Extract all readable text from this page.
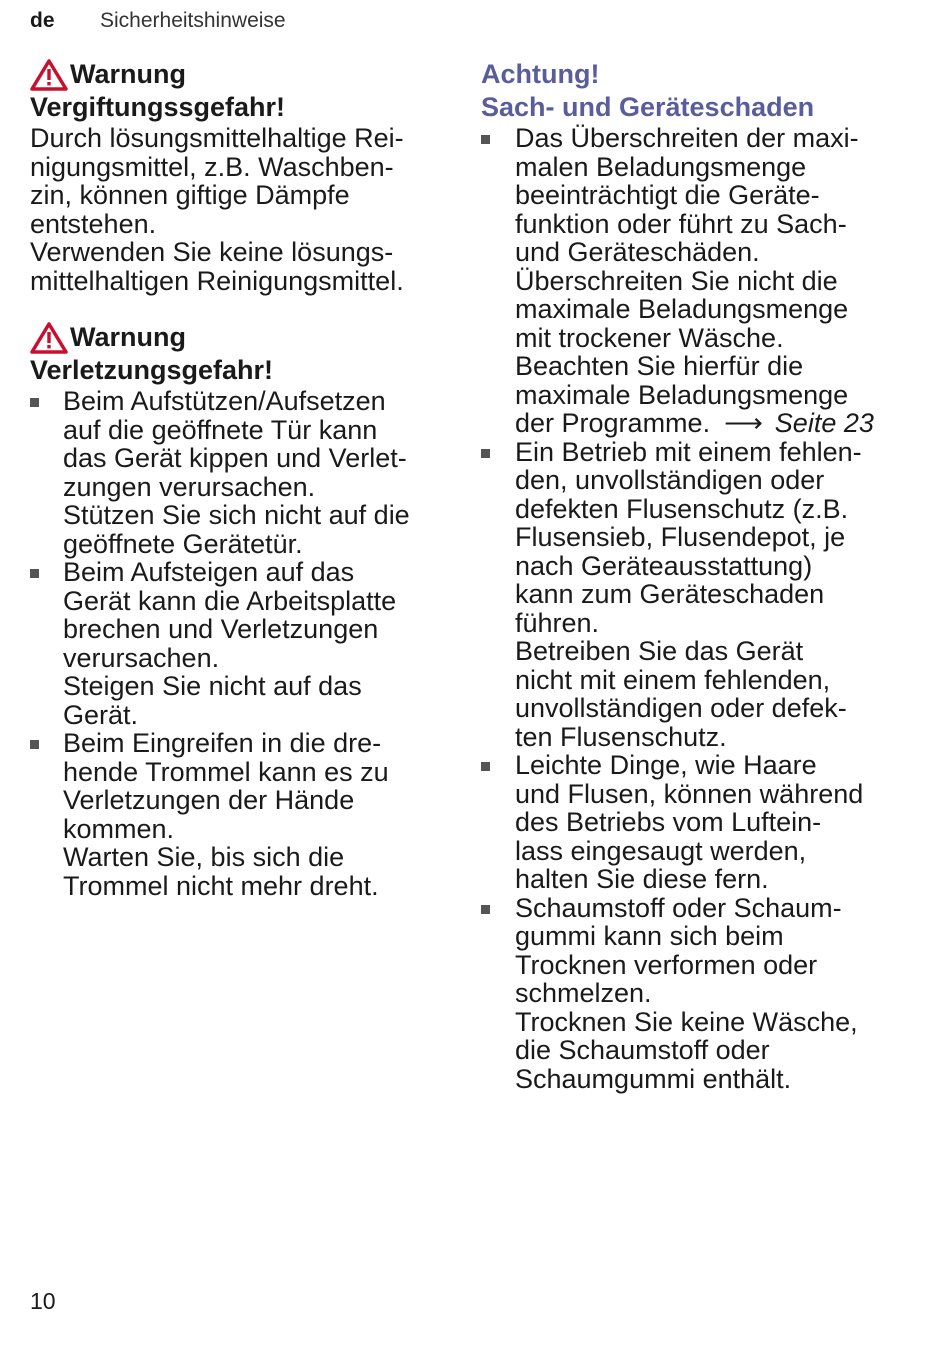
de Sicherheitshinweise
Warnung
Vergiftungssgefahr!
Durch lösungsmittelhaltige Rei-
nigungsmittel, z.B. Waschben-
zin, können giftige Dämpfe
entstehen.
Verwenden Sie keine lösungs-
mittelhaltigen Reinigungsmittel.
Warnung
Verletzungsgefahr!
Beim Aufstützen/Aufsetzen
auf die geöffnete Tür kann
das Gerät kippen und Verlet-
zungen verursachen.
Stützen Sie sich nicht auf die
geöffnete Gerätetür.
Beim Aufsteigen auf das
Gerät kann die Arbeitsplatte
brechen und Verletzungen
verursachen.
Steigen Sie nicht auf das
Gerät.
Beim Eingreifen in die dre-
hende Trommel kann es zu
Verletzungen der Hände
kommen.
Warten Sie, bis sich die
Trommel nicht mehr dreht.
Achtung!
Sach- und Geräteschaden
Das Überschreiten der maxi-
malen Beladungsmenge
beeinträchtigt die Geräte-
funktion oder führt zu Sach-
und Geräteschäden.
Überschreiten Sie nicht die
maximale Beladungsmenge
mit trockener Wäsche.
Beachten Sie hierfür die
maximale Beladungsmenge
der Programme. ⟶ Seite 23
Ein Betrieb mit einem fehlen-
den, unvollständigen oder
defekten Flusenschutz (z.B.
Flusensieb, Flusendepot, je
nach Geräteausstattung)
kann zum Geräteschaden
führen.
Betreiben Sie das Gerät
nicht mit einem fehlenden,
unvollständigen oder defek-
ten Flusenschutz.
Leichte Dinge, wie Haare
und Flusen, können während
des Betriebs vom Luftein-
lass eingesaugt werden,
halten Sie diese fern.
Schaumstoff oder Schaum-
gummi kann sich beim
Trocknen verformen oder
schmelzen.
Trocknen Sie keine Wäsche,
die Schaumstoff oder
Schaumgummi enthält.
10
